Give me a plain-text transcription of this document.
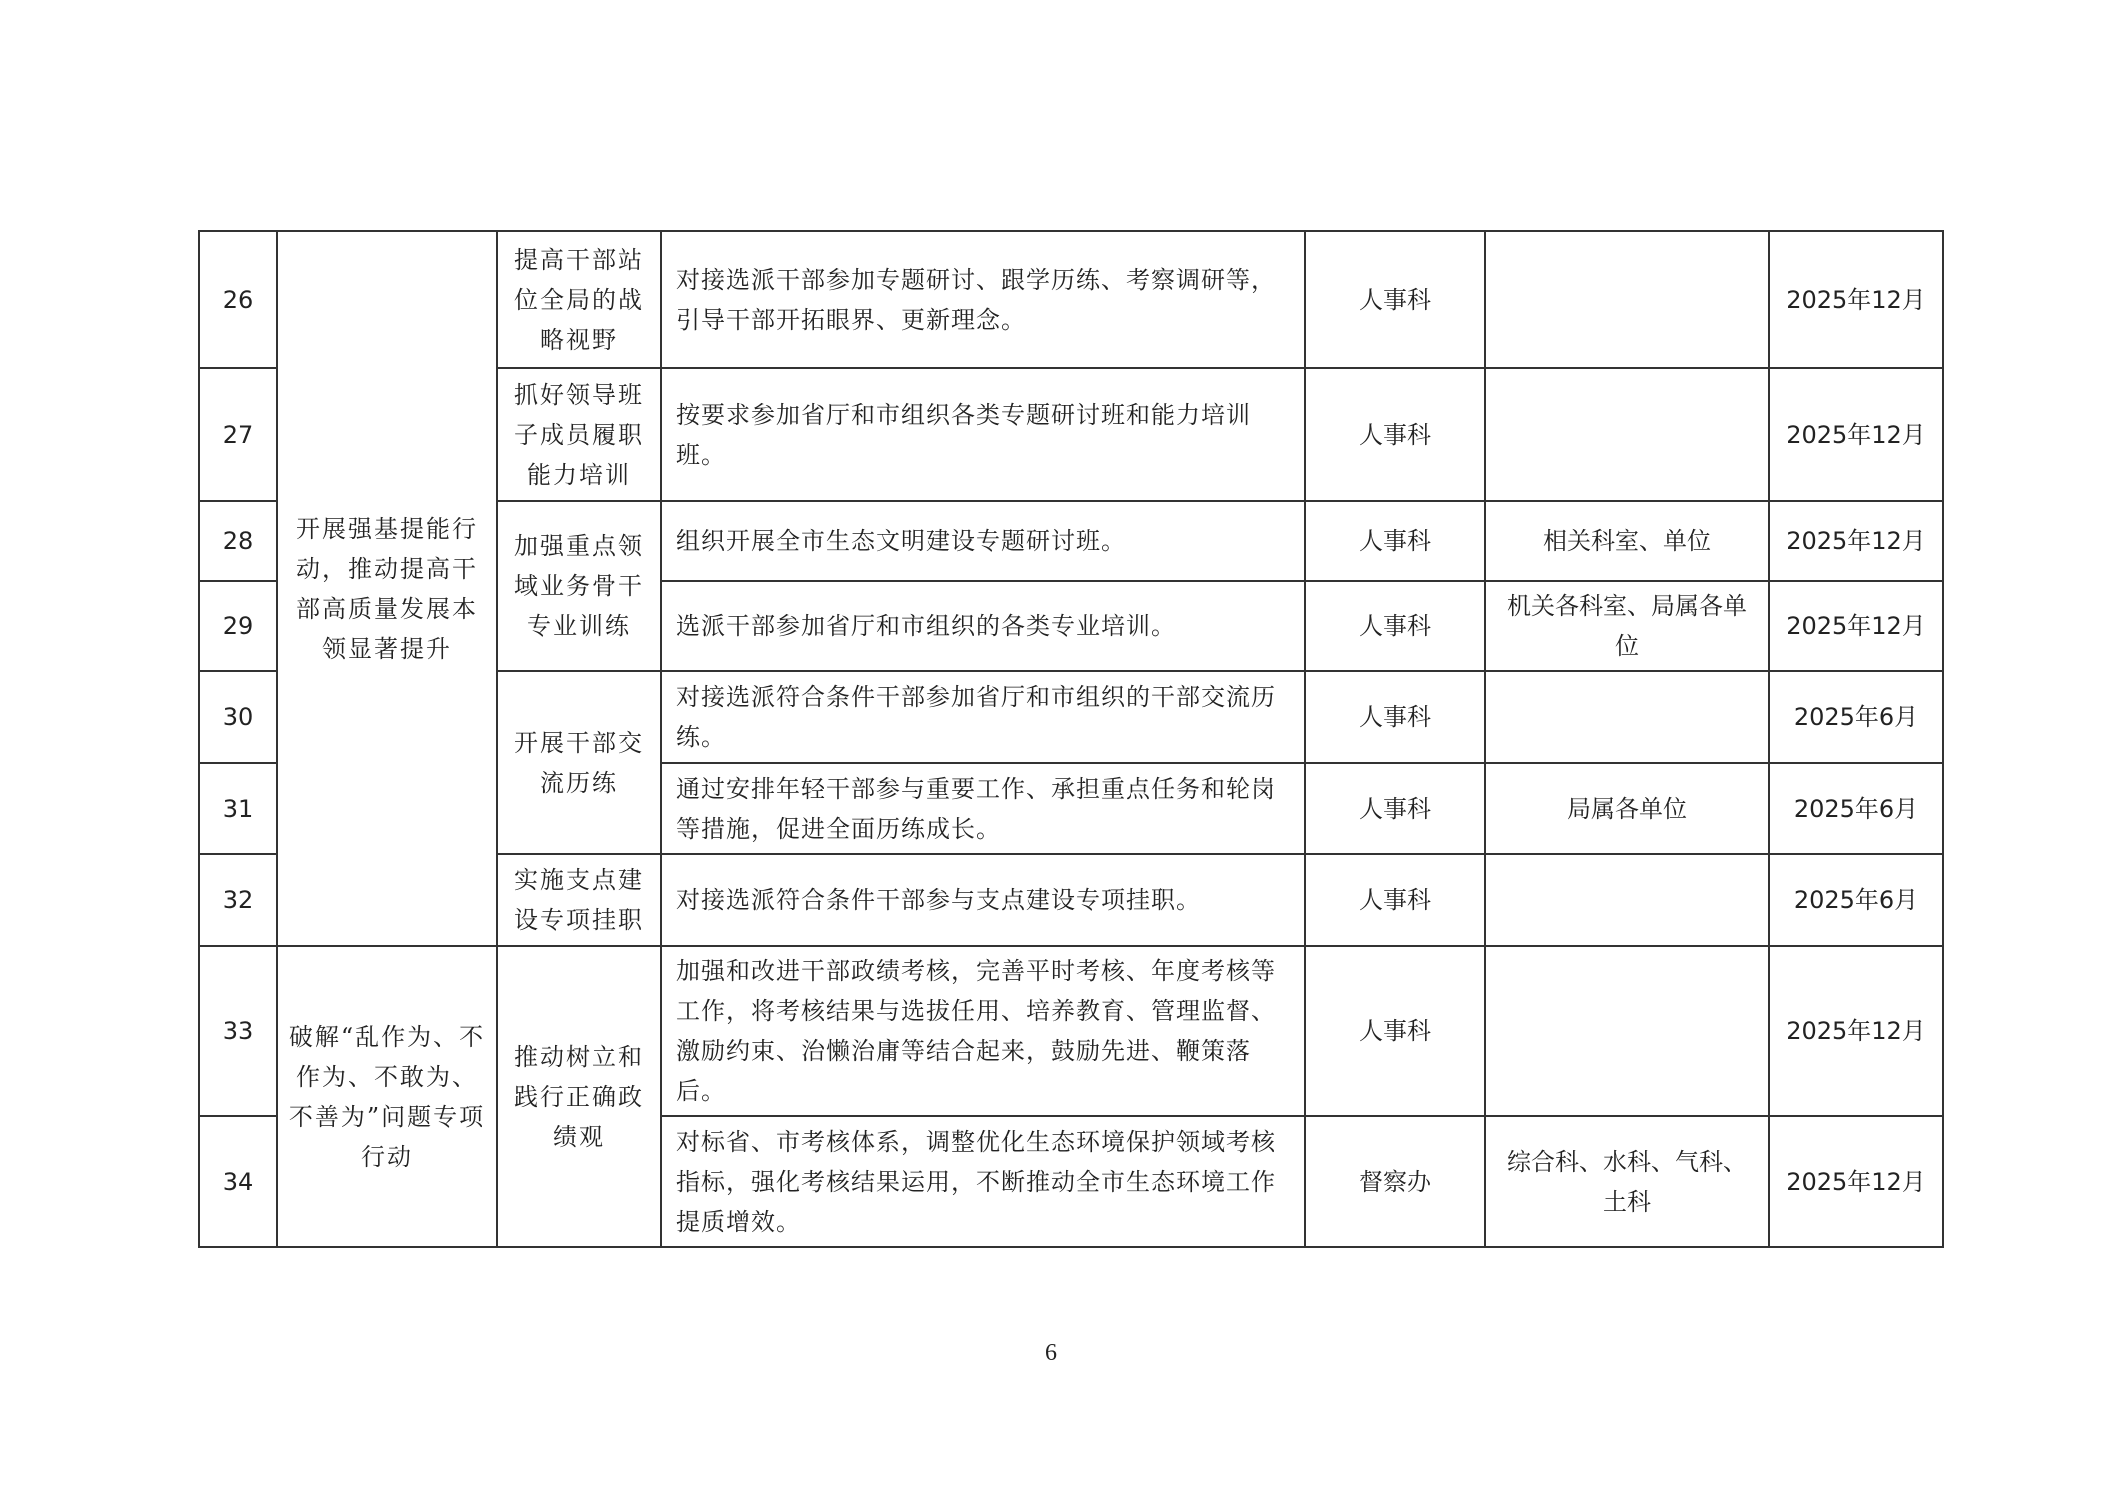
26	开展强基提能行动，推动提高干部高质量发展本领显著提升	提高干部站位全局的战略视野	对接选派干部参加专题研讨、跟学历练、考察调研等，引导干部开拓眼界、更新理念。	人事科		2025年12月
27		抓好领导班子成员履职能力培训	按要求参加省厅和市组织各类专题研讨班和能力培训班。	人事科		2025年12月
28		加强重点领域业务骨干专业训练	组织开展全市生态文明建设专题研讨班。	人事科	相关科室、单位	2025年12月
29			选派干部参加省厅和市组织的各类专业培训。	人事科	机关各科室、局属各单位	2025年12月
30		开展干部交流历练	对接选派符合条件干部参加省厅和市组织的干部交流历练。	人事科		2025年6月
31			通过安排年轻干部参与重要工作、承担重点任务和轮岗等措施，促进全面历练成长。	人事科	局属各单位	2025年6月
32		实施支点建设专项挂职	对接选派符合条件干部参与支点建设专项挂职。	人事科		2025年6月
33	破解“乱作为、不作为、不敢为、不善为”问题专项行动	推动树立和践行正确政绩观	加强和改进干部政绩考核，完善平时考核、年度考核等工作，将考核结果与选拔任用、培养教育、管理监督、激励约束、治懒治庸等结合起来，鼓励先进、鞭策落后。	人事科		2025年12月
34			对标省、市考核体系，调整优化生态环境保护领域考核指标，强化考核结果运用，不断推动全市生态环境工作提质增效。	督察办	综合科、水科、气科、土科	2025年12月
6
